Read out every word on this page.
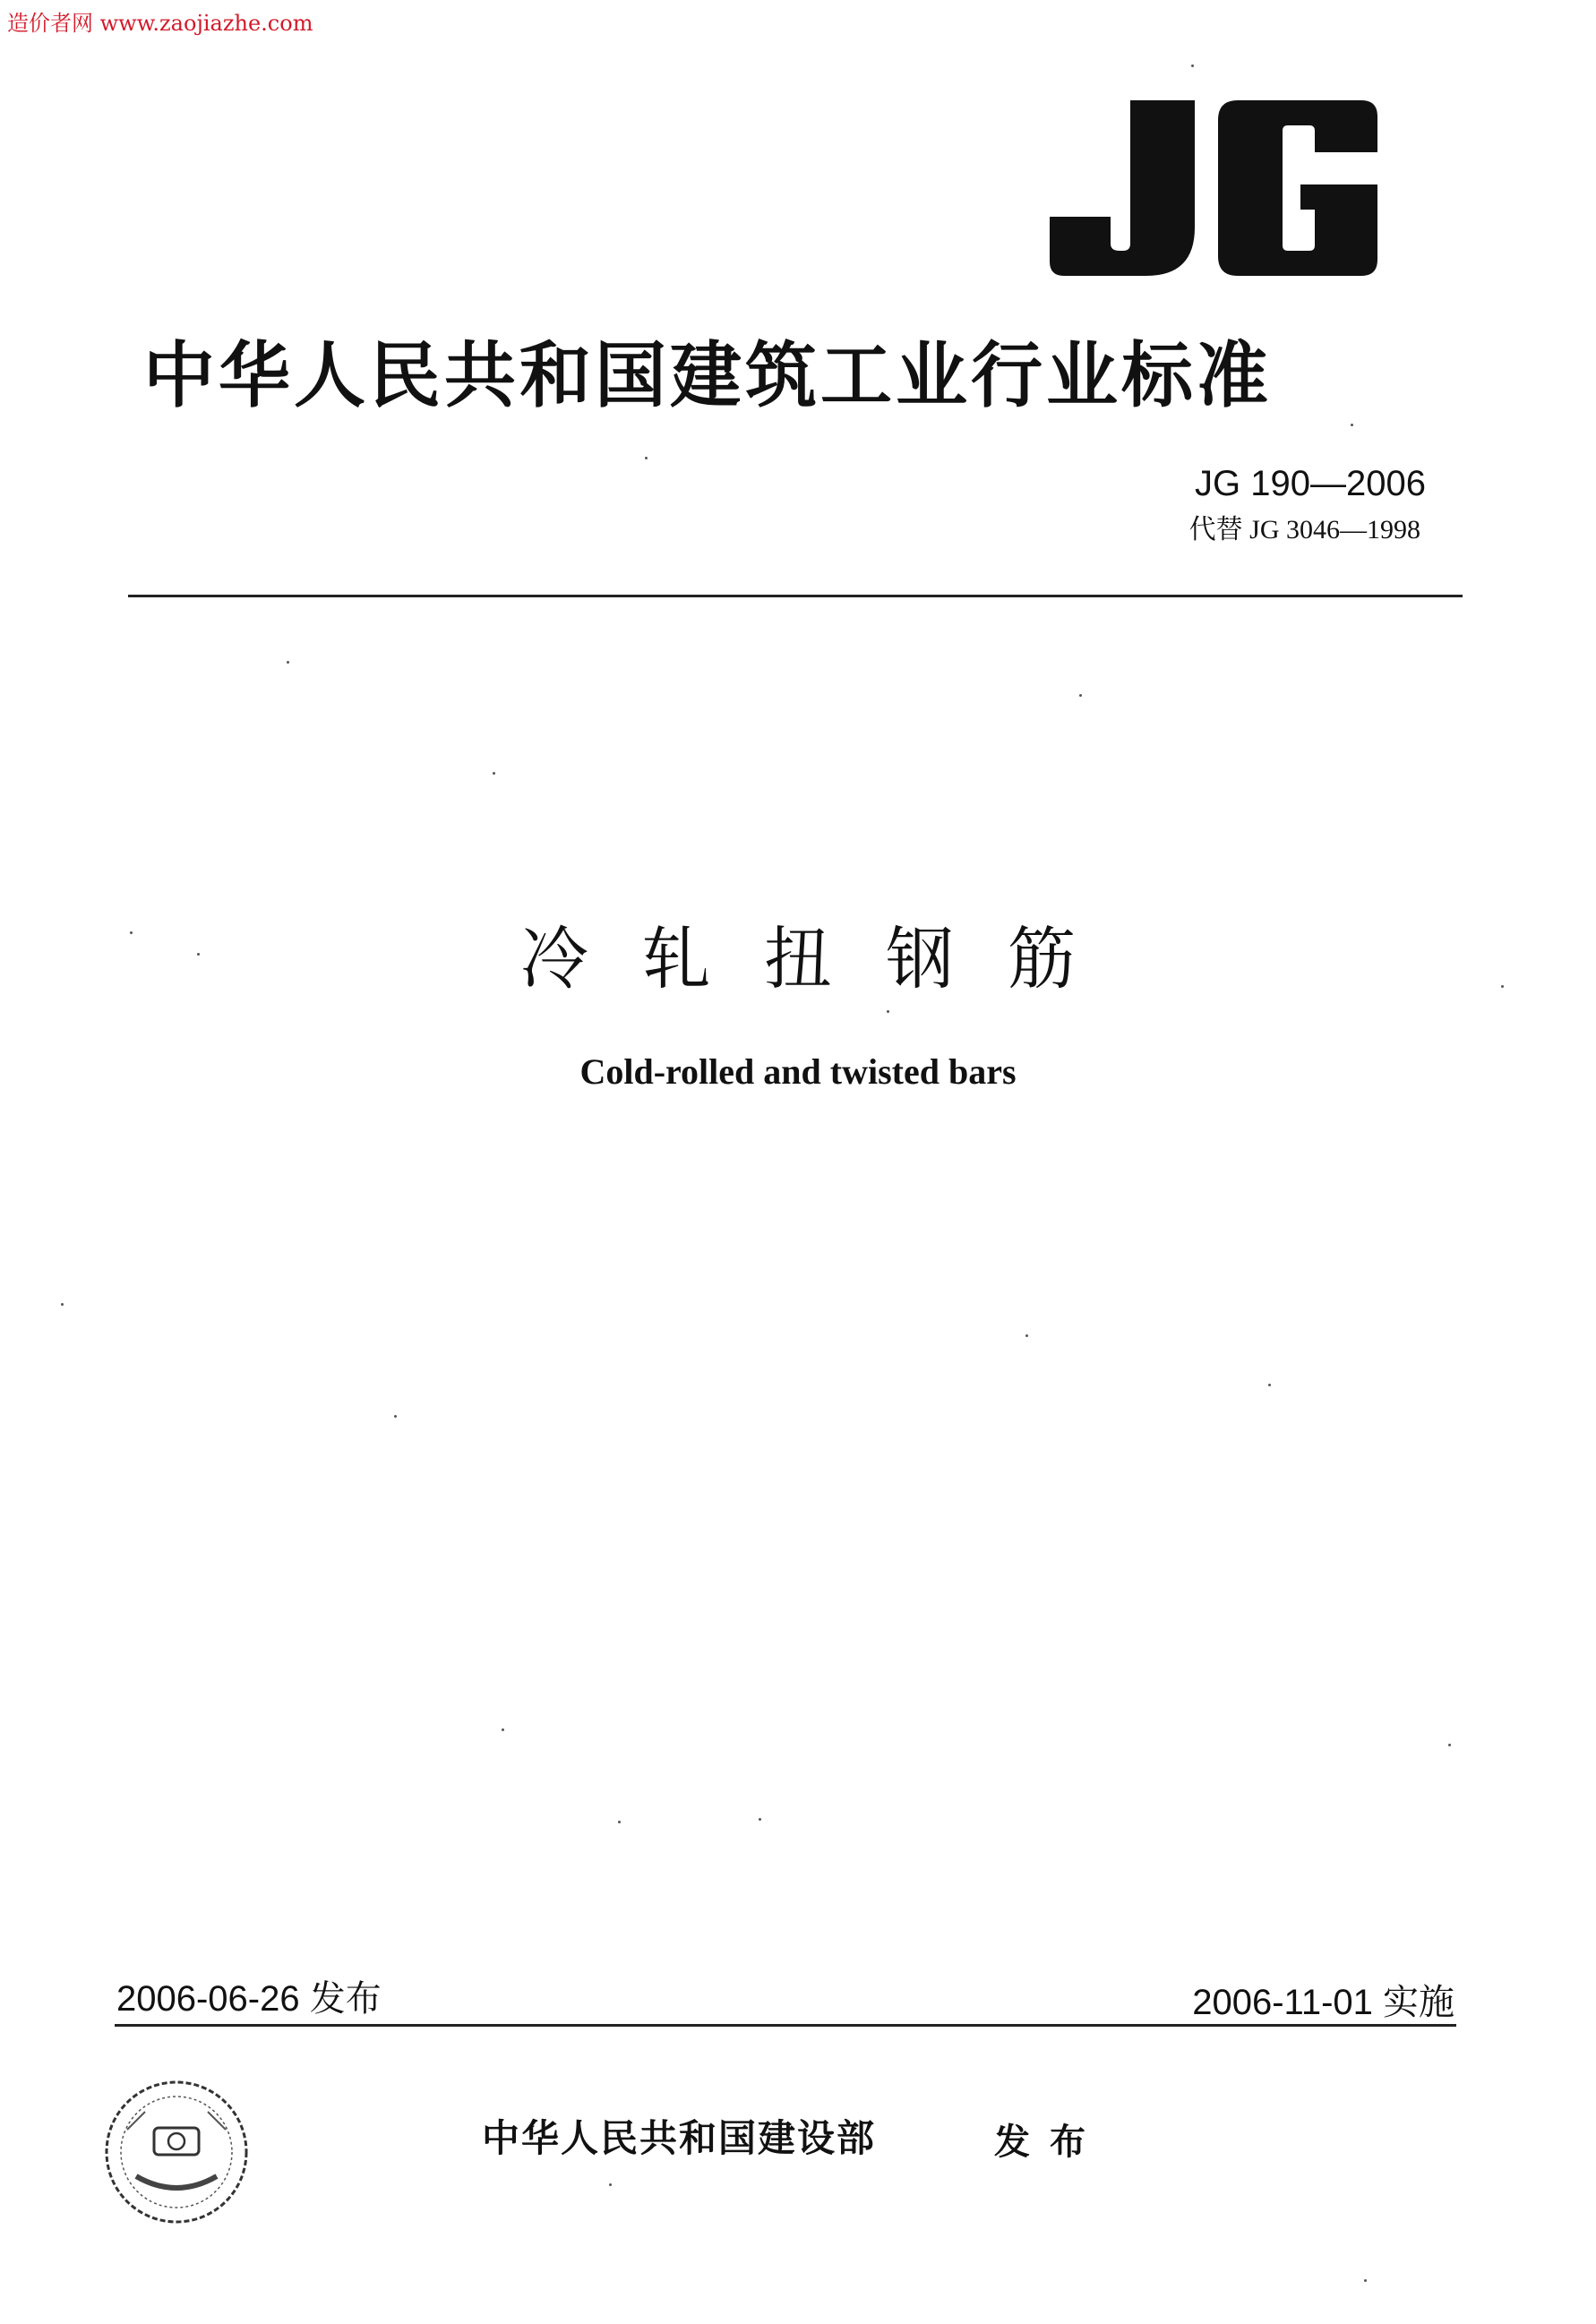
造价者网 www.zaojiazhe.com
中华人民共和国建筑工业行业标准
JG 190—2006
代替 JG 3046—1998
冷轧扭钢筋
Cold-rolled and twisted bars
2006-06-26 发布	2006-11-01 实施
中华人民共和国建设部	发布
